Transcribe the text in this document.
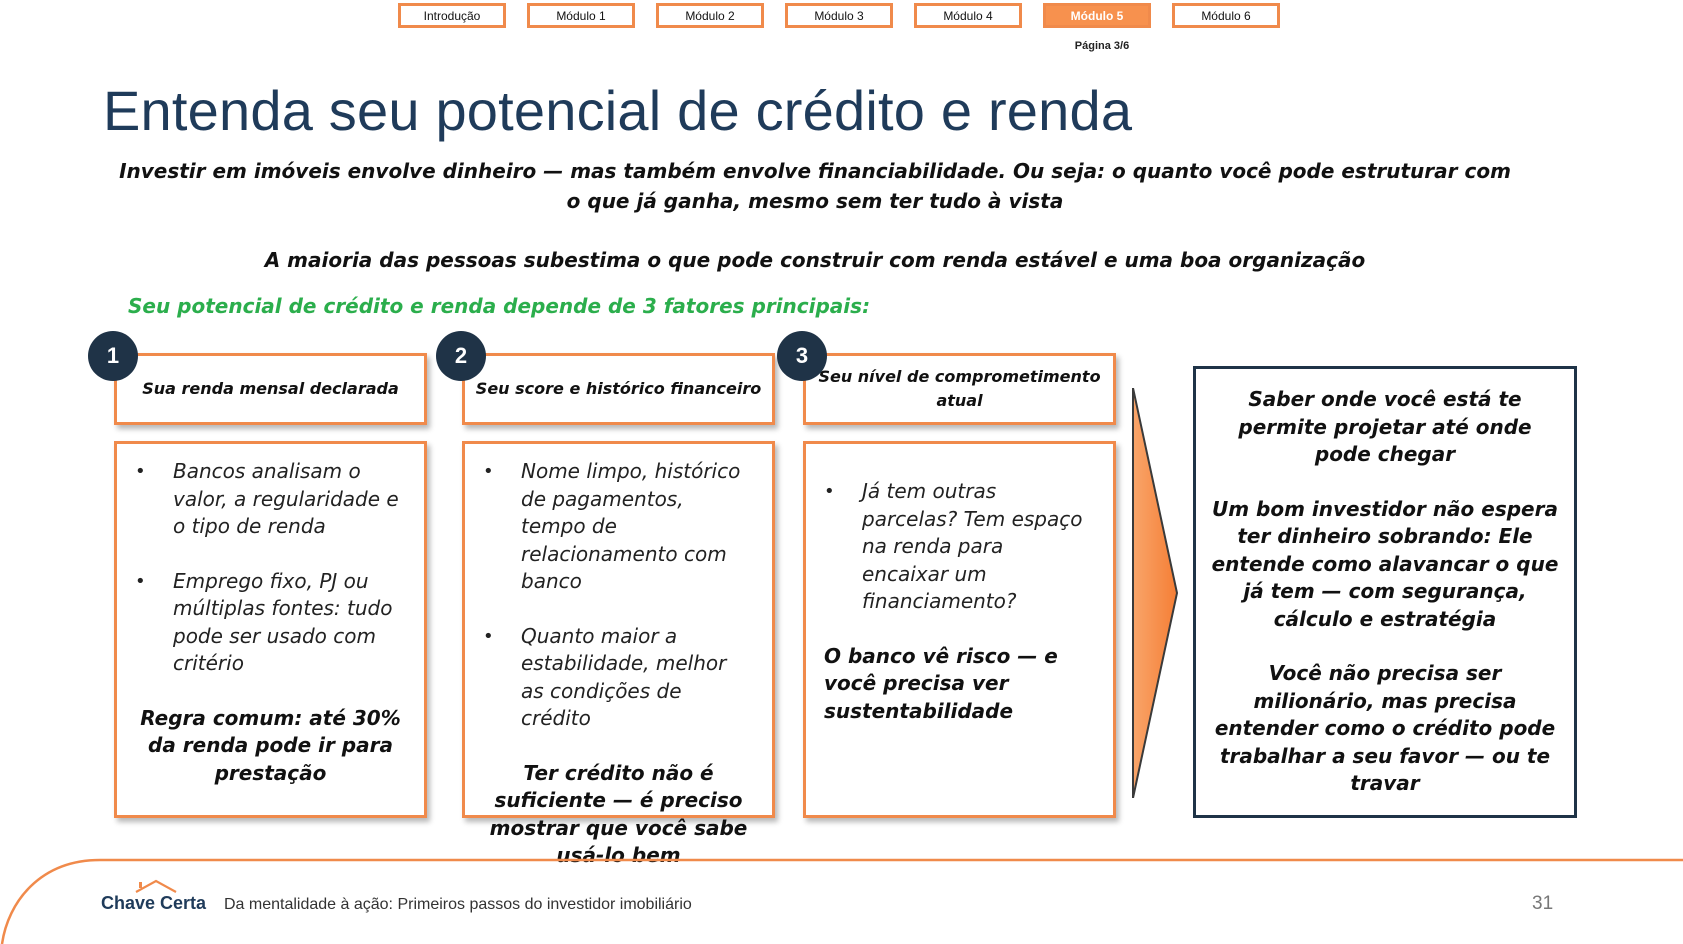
Introdução	Módulo 1	Módulo 2	Módulo 3	Módulo 4	Módulo 5	Módulo 6
Página 3/6
Entenda seu potencial de crédito e renda
Investir em imóveis envolve dinheiro — mas também envolve financiabilidade. Ou seja: o quanto você pode estruturar com o que já ganha, mesmo sem ter tudo à vista
A maioria das pessoas subestima o que pode construir com renda estável e uma boa organização
Seu potencial de crédito e renda depende de 3 fatores principais:
Sua renda mensal declarada
1
• Bancos analisam o valor, a regularidade e o tipo de renda
• Emprego fixo, PJ ou múltiplas fontes: tudo pode ser usado com critério
Regra comum: até 30% da renda pode ir para prestação
Seu score e histórico financeiro
2
• Nome limpo, histórico de pagamentos, tempo de relacionamento com banco
• Quanto maior a estabilidade, melhor as condições de crédito
Ter crédito não é suficiente — é preciso mostrar que você sabe usá-lo bem
Seu nível de comprometimento atual
3
• Já tem outras parcelas? Tem espaço na renda para encaixar um financiamento?
O banco vê risco — e você precisa ver sustentabilidade

Saber onde você está te permite projetar até onde pode chegar

Um bom investidor não espera ter dinheiro sobrando: Ele entende como alavancar o que já tem — com segurança, cálculo e estratégia

Você não precisa ser milionário, mas precisa entender como o crédito pode trabalhar a seu favor — ou te travar

Chave Certa Da mentalidade à ação: Primeiros passos do investidor imobiliário	31
